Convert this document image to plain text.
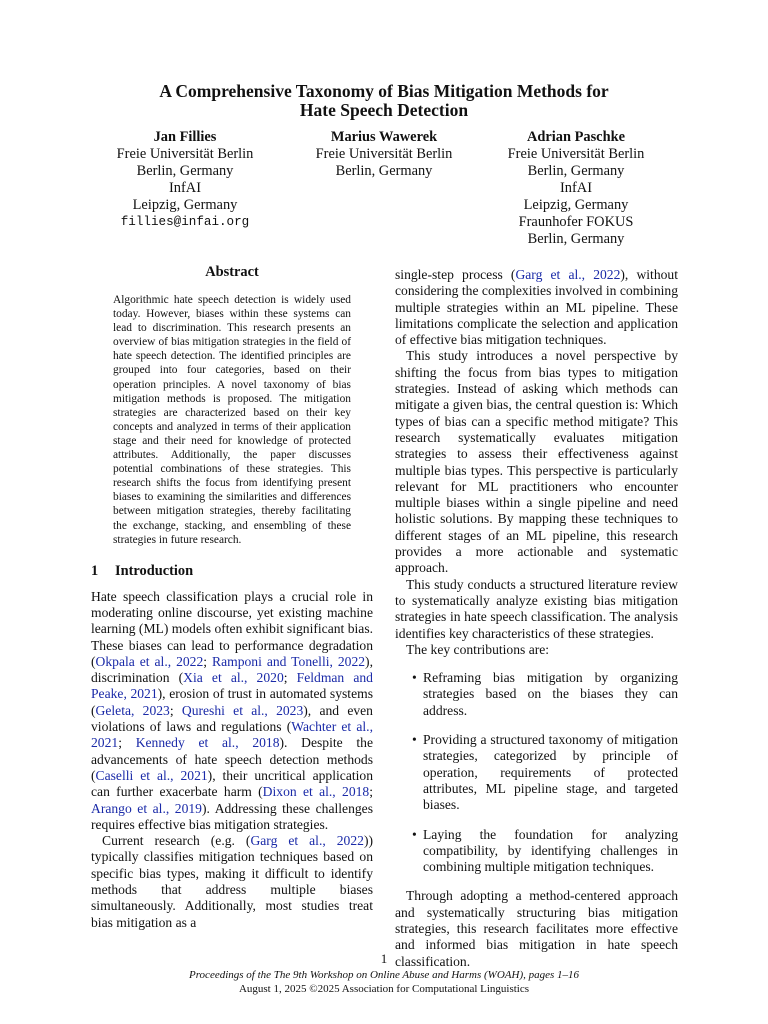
A Comprehensive Taxonomy of Bias Mitigation Methods for
Hate Speech Detection
Jan Fillies
Freie Universität Berlin
Berlin, Germany
InfAI
Leipzig, Germany
fillies@infai.org
Marius Wawerek
Freie Universität Berlin
Berlin, Germany
Adrian Paschke
Freie Universität Berlin
Berlin, Germany
InfAI
Leipzig, Germany
Fraunhofer FOKUS
Berlin, Germany
Abstract
Algorithmic hate speech detection is widely used today. However, biases within these systems can lead to discrimination. This research presents an overview of bias mitigation strategies in the field of hate speech detection. The identified principles are grouped into four categories, based on their operation principles. A novel taxonomy of bias mitigation methods is proposed. The mitigation strategies are characterized based on their key concepts and analyzed in terms of their application stage and their need for knowledge of protected attributes. Additionally, the paper discusses potential combinations of these strategies. This research shifts the focus from identifying present biases to examining the similarities and differences between mitigation strategies, thereby facilitating the exchange, stacking, and ensembling of these strategies in future research.
1 Introduction

Hate speech classification plays a crucial role in moderating online discourse, yet existing machine learning (ML) models often exhibit significant bias. These biases can lead to performance degradation (Okpala et al., 2022; Ramponi and Tonelli, 2022), discrimination (Xia et al., 2020; Feldman and Peake, 2021), erosion of trust in automated systems (Geleta, 2023; Qureshi et al., 2023), and even violations of laws and regulations (Wachter et al., 2021; Kennedy et al., 2018). Despite the advancements of hate speech detection methods (Caselli et al., 2021), their uncritical application can further exacerbate harm (Dixon et al., 2018; Arango et al., 2019). Addressing these challenges requires effective bias mitigation strategies.

Current research (e.g. (Garg et al., 2022)) typically classifies mitigation techniques based on specific bias types, making it difficult to identify methods that address multiple biases simultaneously. Additionally, most studies treat bias mitigation as a

single-step process (Garg et al., 2022), without considering the complexities involved in combining multiple strategies within an ML pipeline. These limitations complicate the selection and application of effective bias mitigation techniques.

This study introduces a novel perspective by shifting the focus from bias types to mitigation strategies. Instead of asking which methods can mitigate a given bias, the central question is: Which types of bias can a specific method mitigate? This research systematically evaluates mitigation strategies to assess their effectiveness against multiple bias types. This perspective is particularly relevant for ML practitioners who encounter multiple biases within a single pipeline and need holistic solutions. By mapping these techniques to different stages of an ML pipeline, this research provides a more actionable and systematic approach.

This study conducts a structured literature review to systematically analyze existing bias mitigation strategies in hate speech classification. The analysis identifies key characteristics of these strategies.

The key contributions are:

• Reframing bias mitigation by organizing strategies based on the biases they can address.
• Providing a structured taxonomy of mitigation strategies, categorized by principle of operation, requirements of protected attributes, ML pipeline stage, and targeted biases.
• Laying the foundation for analyzing compatibility, by identifying challenges in combining multiple mitigation techniques.

Through adopting a method-centered approach and systematically structuring bias mitigation strategies, this research facilitates more effective and informed bias mitigation in hate speech classification.

1
Proceedings of the The 9th Workshop on Online Abuse and Harms (WOAH), pages 1–16
August 1, 2025 ©2025 Association for Computational Linguistics
